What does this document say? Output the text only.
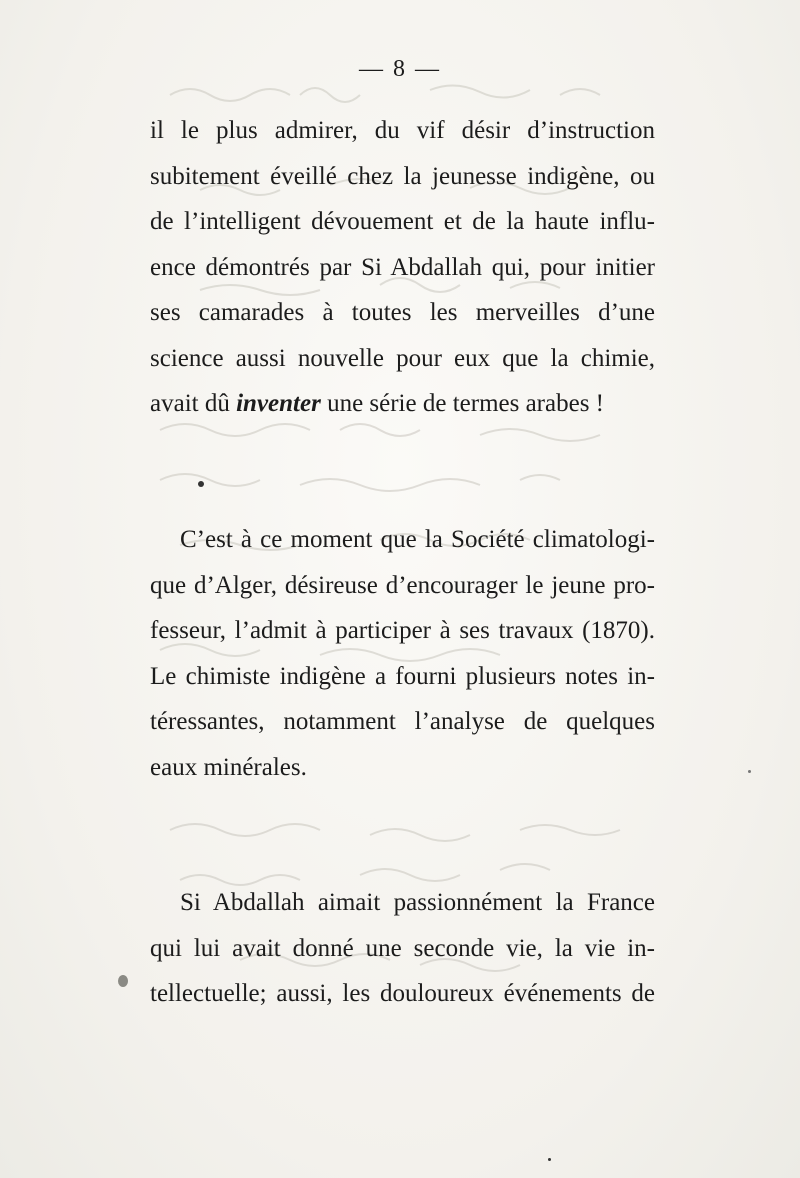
— 8 —
il le plus admirer, du vif désir d’instruction
subitement éveillé chez la jeunesse indigène, ou
de l’intelligent dévouement et de la haute influ-
ence démontrés par Si Abdallah qui, pour initier
ses camarades à toutes les merveilles d’une
science aussi nouvelle pour eux que la chimie,
avait dû inventer une série de termes arabes !
C’est à ce moment que la Société climatologi-
que d’Alger, désireuse d’encourager le jeune pro-
fesseur, l’admit à participer à ses travaux (1870).
Le chimiste indigène a fourni plusieurs notes in-
téressantes, notamment l’analyse de quelques
eaux minérales.
Si Abdallah aimait passionnément la France
qui lui avait donné une seconde vie, la vie in-
tellectuelle; aussi, les douloureux événements de
